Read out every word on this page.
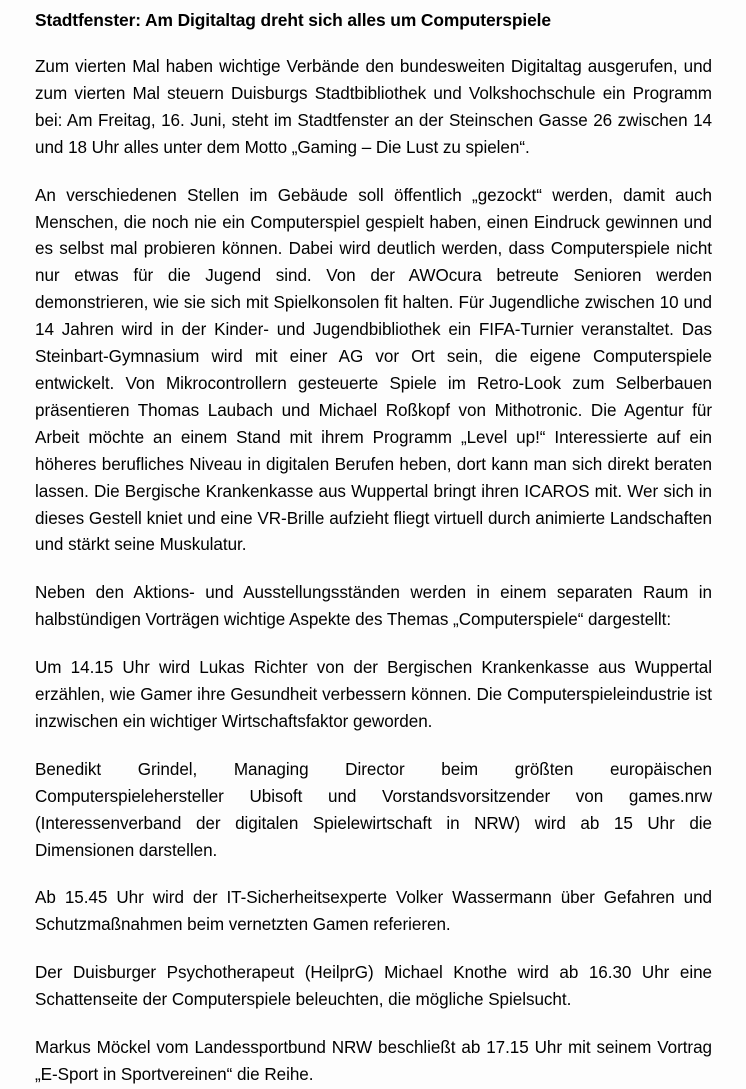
Stadtfenster: Am Digitaltag dreht sich alles um Computerspiele

Zum vierten Mal haben wichtige Verbände den bundesweiten Digitaltag ausgerufen, und zum vierten Mal steuern Duisburgs Stadtbibliothek und Volkshochschule ein Programm bei: Am Freitag, 16. Juni, steht im Stadtfenster an der Steinschen Gasse 26 zwischen 14 und 18 Uhr alles unter dem Motto „Gaming – Die Lust zu spielen“.

An verschiedenen Stellen im Gebäude soll öffentlich „gezockt“ werden, damit auch Menschen, die noch nie ein Computerspiel gespielt haben, einen Eindruck gewinnen und es selbst mal probieren können. Dabei wird deutlich werden, dass Computerspiele nicht nur etwas für die Jugend sind. Von der AWOcura betreute Senioren werden demonstrieren, wie sie sich mit Spielkonsolen fit halten. Für Jugendliche zwischen 10 und 14 Jahren wird in der Kinder- und Jugendbibliothek ein FIFA-Turnier veranstaltet. Das Steinbart-Gymnasium wird mit einer AG vor Ort sein, die eigene Computerspiele entwickelt. Von Mikrocontrollern gesteuerte Spiele im Retro-Look zum Selberbauen präsentieren Thomas Laubach und Michael Roßkopf von Mithotronic. Die Agentur für Arbeit möchte an einem Stand mit ihrem Programm „Level up!“ Interessierte auf ein höheres berufliches Niveau in digitalen Berufen heben, dort kann man sich direkt beraten lassen. Die Bergische Krankenkasse aus Wuppertal bringt ihren ICAROS mit. Wer sich in dieses Gestell kniet und eine VR-Brille aufzieht fliegt virtuell durch animierte Landschaften und stärkt seine Muskulatur.

Neben den Aktions- und Ausstellungsständen werden in einem separaten Raum in halbstündigen Vorträgen wichtige Aspekte des Themas „Computerspiele“ dargestellt:

Um 14.15 Uhr wird Lukas Richter von der Bergischen Krankenkasse aus Wuppertal erzählen, wie Gamer ihre Gesundheit verbessern können. Die Computerspieleindustrie ist inzwischen ein wichtiger Wirtschaftsfaktor geworden.

Benedikt Grindel, Managing Director beim größten europäischen Computerspielehersteller Ubisoft und Vorstandsvorsitzender von games.nrw (Interessenverband der digitalen Spielewirtschaft in NRW) wird ab 15 Uhr die Dimensionen darstellen.

Ab 15.45 Uhr wird der IT-Sicherheitsexperte Volker Wassermann über Gefahren und Schutzmaßnahmen beim vernetzten Gamen referieren.

Der Duisburger Psychotherapeut (HeilprG) Michael Knothe wird ab 16.30 Uhr eine Schattenseite der Computerspiele beleuchten, die mögliche Spielsucht.

Markus Möckel vom Landessportbund NRW beschließt ab 17.15 Uhr mit seinem Vortrag „E-Sport in Sportvereinen“ die Reihe.
